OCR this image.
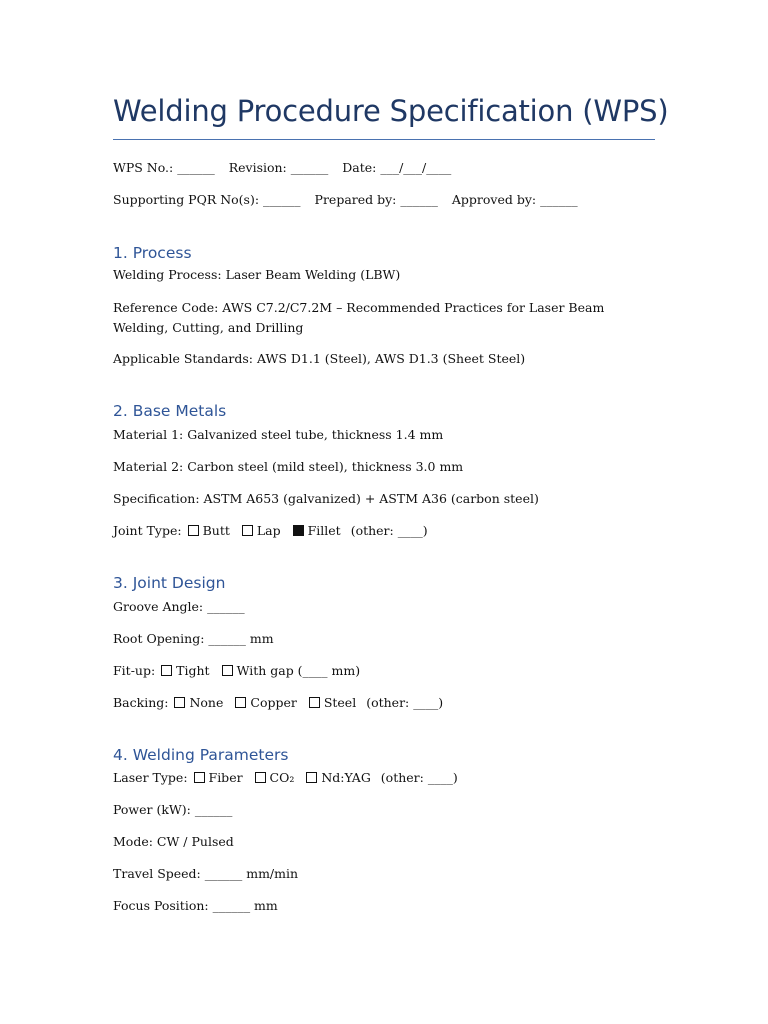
Welding Procedure Specification (WPS)
WPS No.: ______ Revision: ______ Date: ___/___/____
Supporting PQR No(s): ______ Prepared by: ______ Approved by: ______
1. Process
Welding Process: Laser Beam Welding (LBW)
Reference Code: AWS C7.2/C7.2M – Recommended Practices for Laser Beam Welding, Cutting, and Drilling
Applicable Standards: AWS D1.1 (Steel), AWS D1.3 (Sheet Steel)
2. Base Metals
Material 1: Galvanized steel tube, thickness 1.4 mm
Material 2: Carbon steel (mild steel), thickness 3.0 mm
Specification: ASTM A653 (galvanized) + ASTM A36 (carbon steel)
Joint Type: Butt Lap Fillet (other: ____)
3. Joint Design
Groove Angle: ______
Root Opening: ______ mm
Fit-up: Tight With gap (____ mm)
Backing: None Copper Steel (other: ____)
4. Welding Parameters
Laser Type: Fiber CO₂ Nd:YAG (other: ____)
Power (kW): ______
Mode: CW / Pulsed
Travel Speed: ______ mm/min
Focus Position: ______ mm
